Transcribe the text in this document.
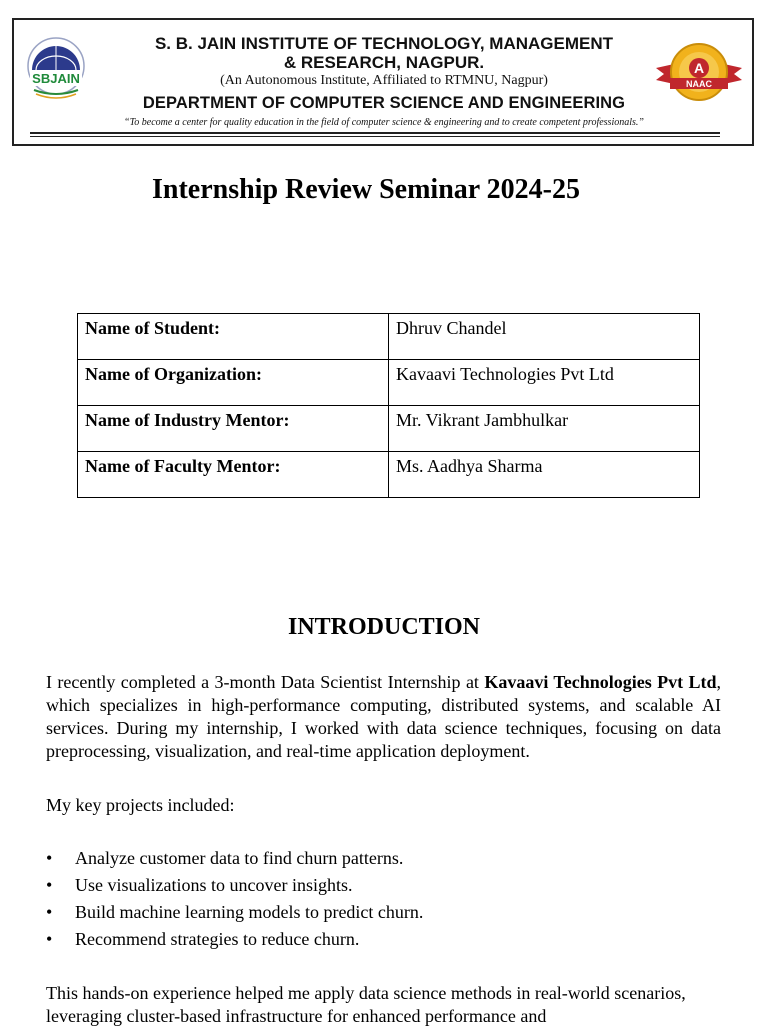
SBJAIN
S. B. JAIN INSTITUTE OF TECHNOLOGY, MANAGEMENT
& RESEARCH, NAGPUR.
(An Autonomous Institute, Affiliated to RTMNU, Nagpur)
DEPARTMENT OF COMPUTER SCIENCE AND ENGINEERING
“To become a center for quality education in the field of computer science & engineering and to create competent professionals.”
A
NAAC
Internship Review Seminar 2024-25
Name of Student:	Dhruv Chandel
Name of Organization:	Kavaavi Technologies Pvt Ltd
Name of Industry Mentor:	Mr. Vikrant Jambhulkar
Name of Faculty Mentor:	Ms. Aadhya Sharma
INTRODUCTION
I recently completed a 3-month Data Scientist Internship at Kavaavi Technologies Pvt Ltd, which specializes in high-performance computing, distributed systems, and scalable AI services. During my internship, I worked with data science techniques, focusing on data preprocessing, visualization, and real-time application deployment.
My key projects included:
• Analyze customer data to find churn patterns.
• Use visualizations to uncover insights.
• Build machine learning models to predict churn.
• Recommend strategies to reduce churn.
This hands-on experience helped me apply data science methods in real-world scenarios, leveraging cluster-based infrastructure for enhanced performance and
